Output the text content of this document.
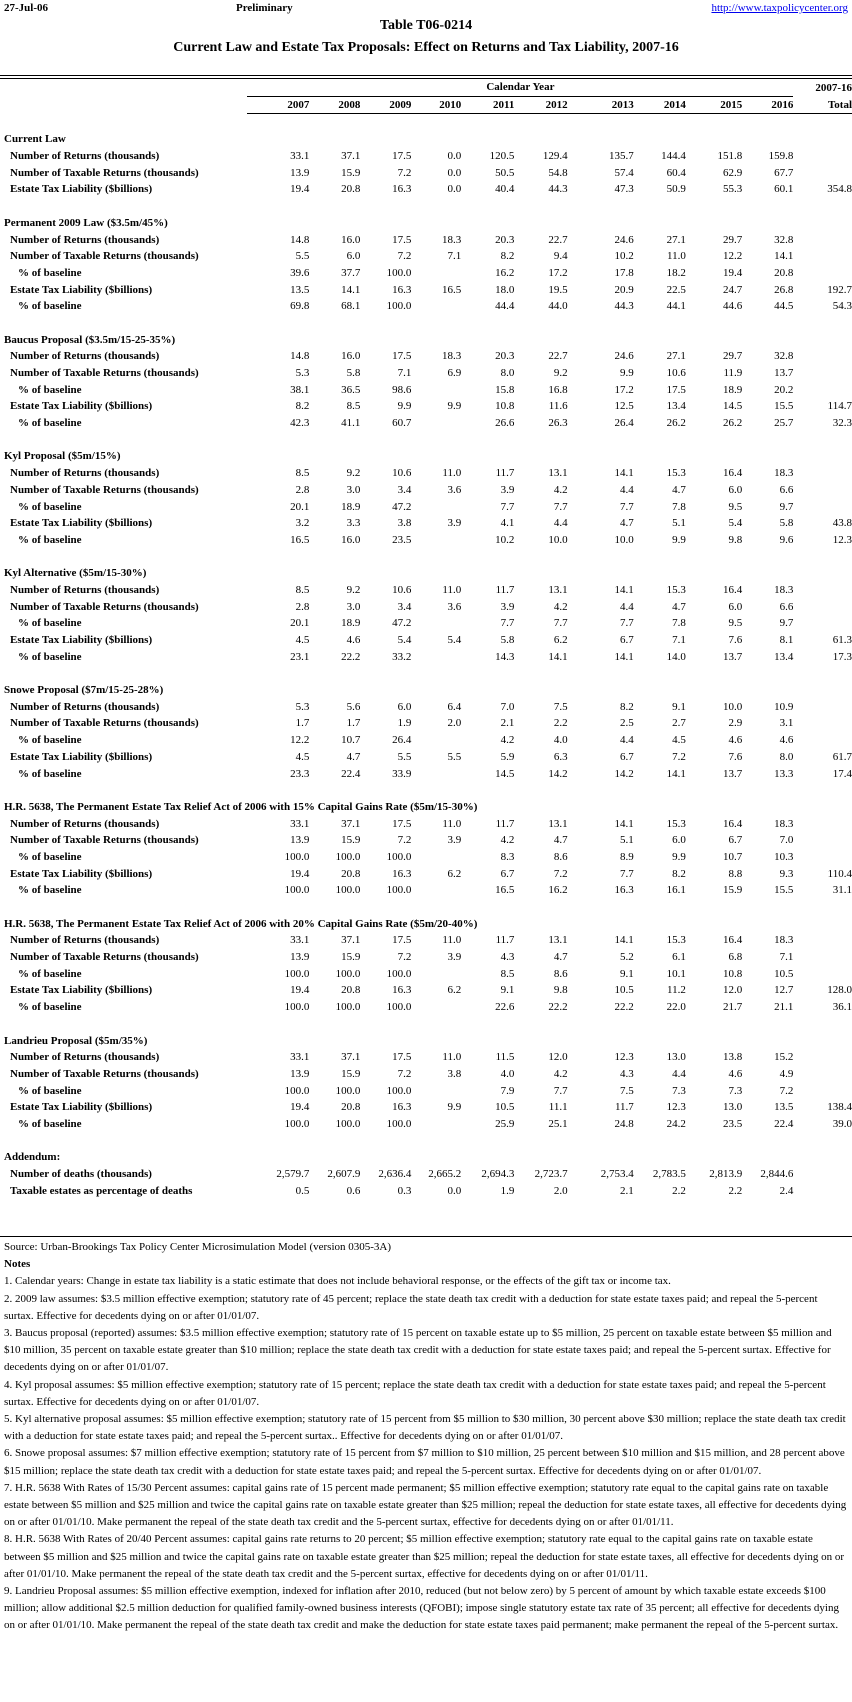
27-Jul-06	Preliminary	http://www.taxpolicycenter.org
Table T06-0214
Current Law and Estate Tax Proposals: Effect on Returns and Tax Liability, 2007-16
	Calendar Year										2007-16
	2007	2008	2009	2010	2011	2012	2013	2014	2015	2016	Total

Current Law											
Number of Returns (thousands)	33.1	37.1	17.5	0.0	120.5	129.4	135.7	144.4	151.8	159.8	
Number of Taxable Returns (thousands)	13.9	15.9	7.2	0.0	50.5	54.8	57.4	60.4	62.9	67.7	
Estate Tax Liability ($billions)	19.4	20.8	16.3	0.0	40.4	44.3	47.3	50.9	55.3	60.1	354.8

Permanent 2009 Law ($3.5m/45%)											
Number of Returns (thousands)	14.8	16.0	17.5	18.3	20.3	22.7	24.6	27.1	29.7	32.8	
Number of Taxable Returns (thousands)	5.5	6.0	7.2	7.1	8.2	9.4	10.2	11.0	12.2	14.1	
% of baseline	39.6	37.7	100.0		16.2	17.2	17.8	18.2	19.4	20.8	
Estate Tax Liability ($billions)	13.5	14.1	16.3	16.5	18.0	19.5	20.9	22.5	24.7	26.8	192.7
% of baseline	69.8	68.1	100.0		44.4	44.0	44.3	44.1	44.6	44.5	54.3

Baucus Proposal ($3.5m/15-25-35%)											
Number of Returns (thousands)	14.8	16.0	17.5	18.3	20.3	22.7	24.6	27.1	29.7	32.8	
Number of Taxable Returns (thousands)	5.3	5.8	7.1	6.9	8.0	9.2	9.9	10.6	11.9	13.7	
% of baseline	38.1	36.5	98.6		15.8	16.8	17.2	17.5	18.9	20.2	
Estate Tax Liability ($billions)	8.2	8.5	9.9	9.9	10.8	11.6	12.5	13.4	14.5	15.5	114.7
% of baseline	42.3	41.1	60.7		26.6	26.3	26.4	26.2	26.2	25.7	32.3

Kyl Proposal ($5m/15%)											
Number of Returns (thousands)	8.5	9.2	10.6	11.0	11.7	13.1	14.1	15.3	16.4	18.3	
Number of Taxable Returns (thousands)	2.8	3.0	3.4	3.6	3.9	4.2	4.4	4.7	6.0	6.6	
% of baseline	20.1	18.9	47.2		7.7	7.7	7.7	7.8	9.5	9.7	
Estate Tax Liability ($billions)	3.2	3.3	3.8	3.9	4.1	4.4	4.7	5.1	5.4	5.8	43.8
% of baseline	16.5	16.0	23.5		10.2	10.0	10.0	9.9	9.8	9.6	12.3

Kyl Alternative ($5m/15-30%)											
Number of Returns (thousands)	8.5	9.2	10.6	11.0	11.7	13.1	14.1	15.3	16.4	18.3	
Number of Taxable Returns (thousands)	2.8	3.0	3.4	3.6	3.9	4.2	4.4	4.7	6.0	6.6	
% of baseline	20.1	18.9	47.2		7.7	7.7	7.7	7.8	9.5	9.7	
Estate Tax Liability ($billions)	4.5	4.6	5.4	5.4	5.8	6.2	6.7	7.1	7.6	8.1	61.3
% of baseline	23.1	22.2	33.2		14.3	14.1	14.1	14.0	13.7	13.4	17.3

Snowe Proposal ($7m/15-25-28%)											
Number of Returns (thousands)	5.3	5.6	6.0	6.4	7.0	7.5	8.2	9.1	10.0	10.9	
Number of Taxable Returns (thousands)	1.7	1.7	1.9	2.0	2.1	2.2	2.5	2.7	2.9	3.1	
% of baseline	12.2	10.7	26.4		4.2	4.0	4.4	4.5	4.6	4.6	
Estate Tax Liability ($billions)	4.5	4.7	5.5	5.5	5.9	6.3	6.7	7.2	7.6	8.0	61.7
% of baseline	23.3	22.4	33.9		14.5	14.2	14.2	14.1	13.7	13.3	17.4

H.R. 5638, The Permanent Estate Tax Relief Act of 2006 with 15% Capital Gains Rate ($5m/15-30%)											
Number of Returns (thousands)	33.1	37.1	17.5	11.0	11.7	13.1	14.1	15.3	16.4	18.3	
Number of Taxable Returns (thousands)	13.9	15.9	7.2	3.9	4.2	4.7	5.1	6.0	6.7	7.0	
% of baseline	100.0	100.0	100.0		8.3	8.6	8.9	9.9	10.7	10.3	
Estate Tax Liability ($billions)	19.4	20.8	16.3	6.2	6.7	7.2	7.7	8.2	8.8	9.3	110.4
% of baseline	100.0	100.0	100.0		16.5	16.2	16.3	16.1	15.9	15.5	31.1

H.R. 5638, The Permanent Estate Tax Relief Act of 2006 with 20% Capital Gains Rate ($5m/20-40%)											
Number of Returns (thousands)	33.1	37.1	17.5	11.0	11.7	13.1	14.1	15.3	16.4	18.3	
Number of Taxable Returns (thousands)	13.9	15.9	7.2	3.9	4.3	4.7	5.2	6.1	6.8	7.1	
% of baseline	100.0	100.0	100.0		8.5	8.6	9.1	10.1	10.8	10.5	
Estate Tax Liability ($billions)	19.4	20.8	16.3	6.2	9.1	9.8	10.5	11.2	12.0	12.7	128.0
% of baseline	100.0	100.0	100.0		22.6	22.2	22.2	22.0	21.7	21.1	36.1

Landrieu Proposal ($5m/35%)											
Number of Returns (thousands)	33.1	37.1	17.5	11.0	11.5	12.0	12.3	13.0	13.8	15.2	
Number of Taxable Returns (thousands)	13.9	15.9	7.2	3.8	4.0	4.2	4.3	4.4	4.6	4.9	
% of baseline	100.0	100.0	100.0		7.9	7.7	7.5	7.3	7.3	7.2	
Estate Tax Liability ($billions)	19.4	20.8	16.3	9.9	10.5	11.1	11.7	12.3	13.0	13.5	138.4
% of baseline	100.0	100.0	100.0		25.9	25.1	24.8	24.2	23.5	22.4	39.0

Addendum:											
Number of deaths (thousands)	2,579.7	2,607.9	2,636.4	2,665.2	2,694.3	2,723.7	2,753.4	2,783.5	2,813.9	2,844.6	
Taxable estates as percentage of deaths	0.5	0.6	0.3	0.0	1.9	2.0	2.1	2.2	2.2	2.4	

Source: Urban-Brookings Tax Policy Center Microsimulation Model (version 0305-3A)

Notes

1. Calendar years: Change in estate tax liability is a static estimate that does not include behavioral response, or the effects of the gift tax or income tax.

2. 2009 law assumes: $3.5 million effective exemption; statutory rate of 45 percent; replace the state death tax credit with a deduction for state estate taxes paid; and repeal the 5-percent surtax. Effective for decedents dying on or after 01/01/07.

3. Baucus proposal (reported) assumes: $3.5 million effective exemption; statutory rate of 15 percent on taxable estate up to $5 million, 25 percent on taxable estate between $5 million and $10 million, 35 percent on taxable estate greater than $10 million; replace the state death tax credit with a deduction for state estate taxes paid; and repeal the 5-percent surtax. Effective for decedents dying on or after 01/01/07.

4. Kyl proposal assumes: $5 million effective exemption; statutory rate of 15 percent; replace the state death tax credit with a deduction for state estate taxes paid; and repeal the 5-percent surtax. Effective for decedents dying on or after 01/01/07.

5. Kyl alternative proposal assumes: $5 million effective exemption; statutory rate of 15 percent from $5 million to $30 million, 30 percent above $30 million; replace the state death tax credit with a deduction for state estate taxes paid; and repeal the 5-percent surtax.. Effective for decedents dying on or after 01/01/07.

6. Snowe proposal assumes: $7 million effective exemption; statutory rate of 15 percent from $7 million to $10 million, 25 percent between $10 million and $15 million, and 28 percent above $15 million; replace the state death tax credit with a deduction for state estate taxes paid; and repeal the 5-percent surtax. Effective for decedents dying on or after 01/01/07.

7. H.R. 5638 With Rates of 15/30 Percent assumes: capital gains rate of 15 percent made permanent; $5 million effective exemption; statutory rate equal to the capital gains rate on taxable estate between $5 million and $25 million and twice the capital gains rate on taxable estate greater than $25 million; repeal the deduction for state estate taxes, all effective for decedents dying on or after 01/01/10. Make permanent the repeal of the state death tax credit and the 5-percent surtax, effective for decedents dying on or after 01/01/11.

8. H.R. 5638 With Rates of 20/40 Percent assumes: capital gains rate returns to 20 percent; $5 million effective exemption; statutory rate equal to the capital gains rate on taxable estate between $5 million and $25 million and twice the capital gains rate on taxable estate greater than $25 million; repeal the deduction for state estate taxes, all effective for decedents dying on or after 01/01/10. Make permanent the repeal of the state death tax credit and the 5-percent surtax, effective for decedents dying on or after 01/01/11.

9. Landrieu Proposal assumes: $5 million effective exemption, indexed for inflation after 2010, reduced (but not below zero) by 5 percent of amount by which taxable estate exceeds $100 million; allow additional $2.5 million deduction for qualified family-owned business interests (QFOBI); impose single statutory estate tax rate of 35 percent; all effective for decedents dying on or after 01/01/10. Make permanent the repeal of the state death tax credit and make the deduction for state estate taxes paid permanent; make permanent the repeal of the 5-percent surtax.
